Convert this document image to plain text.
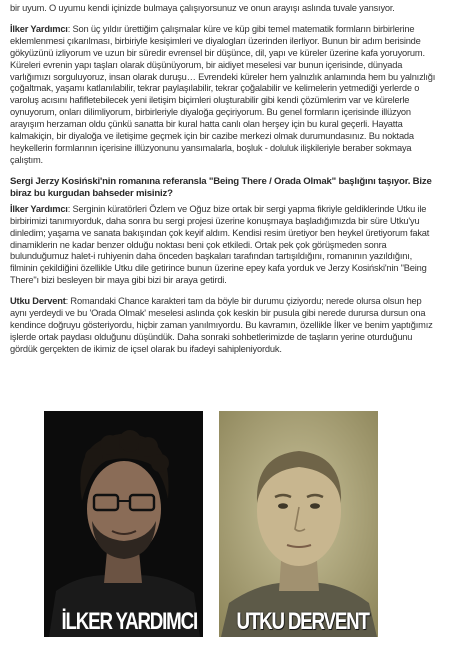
bir uyum. O uyumu kendi içinizde bulmaya çalışıyorsunuz ve onun arayışı aslında tuvale yansıyor.

İlker Yardımcı: Son üç yıldır ürettiğim çalışmalar küre ve küp gibi temel matematik formların birbirlerine eklemlenmesi çıkarılması, birbiriyle kesişimleri ve diyalogları üzerinden ilerliyor. Bunun bir adım berisinde gökyüzünü izliyorum ve uzun bir süredir evrensel bir düşünce, dil, yapı ve küreler üzerine kafa yoruyorum. Küreleri evrenin yapı taşları olarak düşünüyorum, bir aidiyet meselesi var bunun içerisinde, dünyada varlığımızı sorguluyoruz, insan olarak duruşu… Evrendeki küreler hem yalnızlık anlamında hem bu yalnızlığı çoğaltmak, yaşamı katlanılabilir, tekrar paylaşılabilir, tekrar çoğalabilir ve kelimelerin yetmediği yerlerde o varoluş acısını hafifletebilecek yeni iletişim biçimleri oluşturabilir gibi kendi çözümlerim var ve kürelerle oynuyorum, onları dilimliyorum, birbirleriyle diyaloğa geçiriyorum. Bu genel formların içerisinde illüzyon arayışım herzaman oldu çünkü sanatta bir kural hatta canlı olan herşey için bu kural geçerli. Hayatta kalmakiçin, bir diyaloğa ve iletişime geçmek için bir cazibe merkezi olmak durumundasınız. Bu noktada heykellerin formlarının içerisine illüzyonunu yansımalarla, boşluk - doluluk ilişkileriyle beraber sokmaya çalıştım.

Sergi Jerzy Kosiński'nin romanına referansla "Being There / Orada Olmak" başlığını taşıyor. Bize biraz bu kurgudan bahseder misiniz?

İlker Yardımcı: Serginin küratörleri Özlem ve Oğuz bize ortak bir sergi yapma fikriyle geldiklerinde Utku ile birbirimizi tanımıyorduk, daha sonra bu sergi projesi üzerine konuşmaya başladığımızda bir süre Utku'yu dinledim; yaşama ve sanata bakışından çok keyif aldım. Kendisi resim üretiyor ben heykel üretiyorum fakat dinamiklerin ne kadar benzer olduğu noktası beni çok etkiledi. Ortak pek çok görüşmeden sonra bulunduğumuz halet-i ruhiyenin daha önceden başkaları tarafından tartışıldığını, romanının yazıldığını, filminin çekildiğini özellikle Utku dile getirince bunun üzerine epey kafa yorduk ve Jerzy Kosiński'nin "Being There"ı bizi besleyen bir maya gibi bizi bir araya getirdi.

Utku Dervent: Romandaki Chance karakteri tam da böyle bir durumu çiziyordu; nerede olursa olsun hep aynı yerdeydi ve bu 'Orada Olmak' meselesi aslında çok keskin bir pusula gibi nerede durursa dursun ona kendince doğruyu gösteriyordu, hiçbir zaman yanılmıyordu. Bu kavramın, özellikle İlker ve benim yaptığımız işlerde ortak paydası olduğunu düşündük. Daha sonraki sohbetlerimizde de taşların yerine oturduğunu gördük gerçekten de ikimiz de içsel olarak bu ifadeyi sahipleniyorduk.

İLKER YARDIMCI UTKU DERVENT
